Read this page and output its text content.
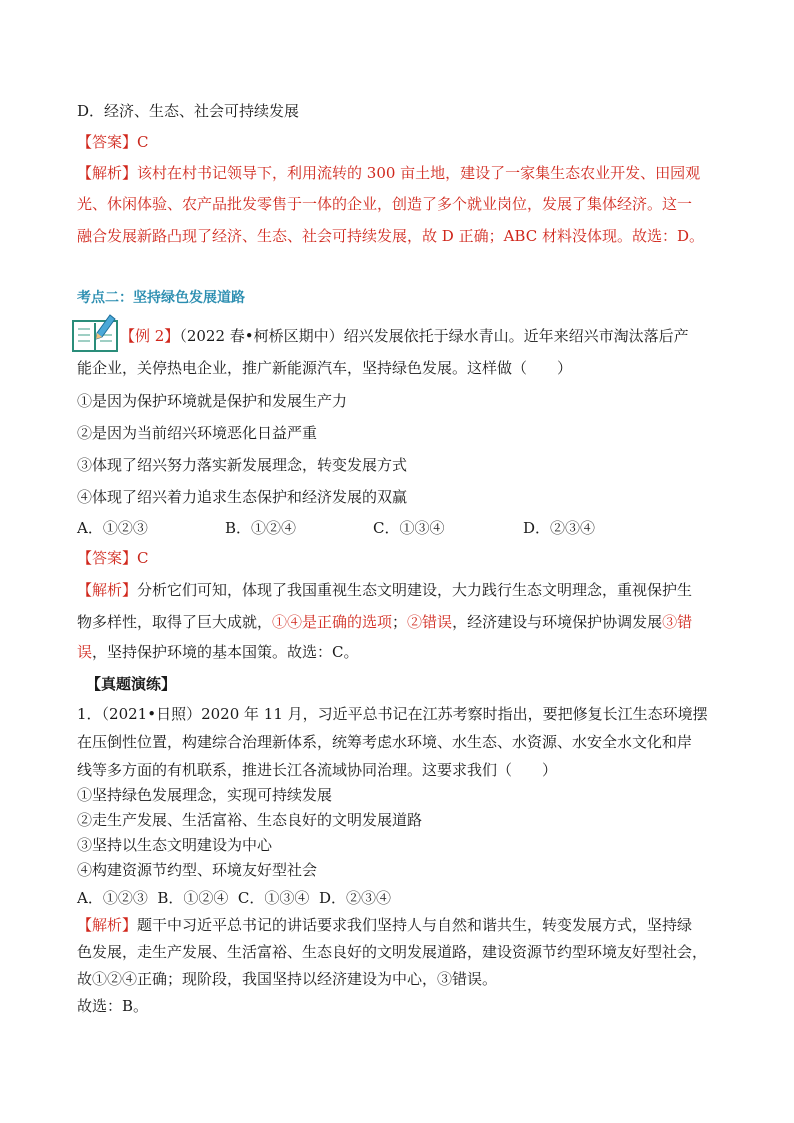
D．经济、生态、社会可持续发展
【答案】C
【解析】该村在村书记领导下，利用流转的 300 亩土地，建设了一家集生态农业开发、田园观
光、休闲体验、农产品批发零售于一体的企业，创造了多个就业岗位，发展了集体经济。这一
融合发展新路凸现了经济、生态、社会可持续发展，故 D 正确；ABC 材料没体现。故选：D。
考点二：坚持绿色发展道路
【例 2】（2022 春•柯桥区期中）绍兴发展依托于绿水青山。近年来绍兴市淘汰落后产
能企业，关停热电企业，推广新能源汽车，坚持绿色发展。这样做（　　）
①是因为保护环境就是保护和发展生产力
②是因为当前绍兴环境恶化日益严重
③体现了绍兴努力落实新发展理念，转变发展方式
④体现了绍兴着力追求生态保护和经济发展的双赢
A．①②③	B．①②④	C．①③④	D．②③④
【答案】C
【解析】分析它们可知，体现了我国重视生态文明建设，大力践行生态文明理念，重视保护生
物多样性，取得了巨大成就，①④是正确的选项；②错误，经济建设与环境保护协调发展③错
误，坚持保护环境的基本国策。故选：C。
【真题演练】
1．（2021•日照）2020 年 11 月，习近平总书记在江苏考察时指出，要把修复长江生态环境摆
在压倒性位置，构建综合治理新体系，统筹考虑水环境、水生态、水资源、水安全水文化和岸
线等多方面的有机联系，推进长江各流域协同治理。这要求我们（　　）
①坚持绿色发展理念，实现可持续发展
②走生产发展、生活富裕、生态良好的文明发展道路
③坚持以生态文明建设为中心
④构建资源节约型、环境友好型社会
A．①②③  B．①②④  C．①③④  D．②③④
【解析】题干中习近平总书记的讲话要求我们坚持人与自然和谐共生，转变发展方式，坚持绿
色发展，走生产发展、生活富裕、生态良好的文明发展道路，建设资源节约型环境友好型社会，
故①②④正确；现阶段，我国坚持以经济建设为中心，③错误。
故选：B。
